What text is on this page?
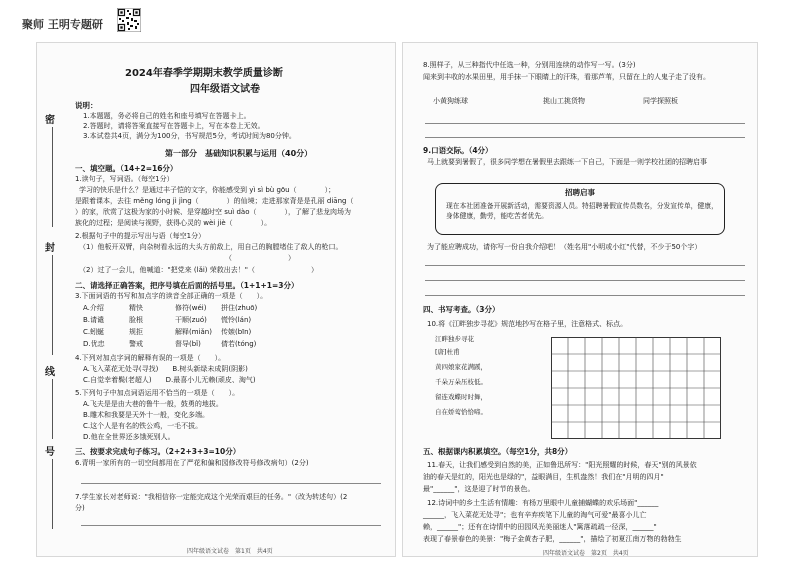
聚师 王明专题研
密
封
线
号
2024年春季学期期末教学质量诊断
四年级语文试卷
说明：
1.本题题，务必将自己的姓名和座号填写在答题卡上。
2.答题时，请将答案直接写在答题卡上，写在本卷上无效。
3.本试卷共4页，满分为100分，书写规范5分，考试时间为80分钟。
第一部分　基础知识积累与运用（40分）
一、填空题。（14+2=16分）
1.读句子，写词语。（每空1分）
学习的快乐是什么？是通过丰子恺的文字，你能感受到 yì sì bù gōu（　　　　）；
是跟着课本，去往 měng lóng jì jìng（　　　　）的仙境；走进那家背是是孔丽 diāng（
）的家，欣赏了这极为家的小时候、是穿越时空 suì dào（　　　　），了解了悲龙肉场为
族化的过程；是阅读与视野，获得心灵的 wèi jiè（　　　　）。
2.根据句子中的提示写出与语（每空1分）
（1）他板开双臂，向杂树看永远的大头方前敌上，用自己的胸膛堵住了敌人的枪口。
（　　　　　　　　）
（2）过了一会儿，他喊道："把党来 (lǎi) 荣救出去！"（　　　　　　　　）
二、请选择正确答案，把序号填在后面的括号里。（1+1+1=3分）
3.下面词语的书写和加点字的读音全部正确的一项是（　　）。
A.介绍	精快	修符(wéi) 拼住(zhuō)
B.请谴	脸根	干顺(zuó) 慌怜(lán)
C.蚓蜒	规拒	解释(miǎn) 传嫉(bīn)
D.优忠	警戒	督导(bǐ)	倩若(tóng)
4.下列对加点字词的解释有误的一项是（　　）。
A.飞入菜花无处寻(寻找)　　B.树头新绿未成阴(阴影)
C.自觉幸着鬓(老超人)　　D.最喜小儿无赖(顽皮、淘气)
5.下列句子中加点词语运用不恰当的一项是（　　）。
A.飞夫是是由大巷的鲁牛一般，鼓勇的地拔。
B.雕术和我要是天外十一般，变化多端。
C.这个人是有名的铁公鸡，一毛不拔。
D.他在全世界还多饿死别人。
三、按要求完成句子练习。（2+2+3+3=10分）
6.青明一家所有的一切空间都用在了严花和偏和园修改符号修改病句）(2分)
7.学生家长对老师说："我相信你一定能完成这个光荣而艰巨的任务。"（改为转述句）(2
分)
四年级语文试卷　第1页　共4页
8.照样子，从三种指代中任选一种，分别用连续的动作写一写。(3分)
闻来到丰收的水果田里，用手抹一下眼睛上的汗珠，看那芦苇，只留在上的人鬼子走了没有。
小黄狗练球	挑山工挑货物	同学探照板
9.口语交际。（4分）
马上就要到暑假了，很多同学想在暑假里去跟练一下自己，下面是一则学校社团的招聘启事
招聘启事
现在本社团准备开展新活动，需要资源人员。特招聘暑假宣传员数名，分发宣传单，健康，身体健康，勤劳，能吃苦者优先。
为了能应聘成功，请你写一份自我介绍吧！（姓名用"小明或小红"代替，不少于50个字）
四、书写考查。（3分）
10.将《江畔独步寻花》规范地抄写在格子里，注意格式、标点。
江畔独步寻花
[唐]杜甫
黄四娘家花满蹊，
千朵万朵压枝低。
留连戏蝶时时舞，
自在娇莺恰恰啼。
五、根据课内积累填空。（每空1分，共8分）
11.春天，让我们感受到自然的美，正如鲁迅所写："阳光照耀的时候，春天"别的风景依
油的春天是红的，阳光也是绿的"，益眼满目，生机盎然！我们在"月明的四月"
最"______"，这是迎了时节的景色。
12.诗词中的乡土生活有情趣：有杨万里眼中儿童捕蝴蝶的欢乐场面"______
______，飞入菜花无处寻"；也有辛弃疾笔下儿童的淘气可爱"最喜小儿亡
赖，______"；还有在诗情中的田园风光美丽迷人"篱落疏疏一径深，______"
表现了春景春色的美景："梅子金黄杏子肥，______"，描绘了初夏江南万物的勃勃生
四年级语文试卷　第2页　共4页
